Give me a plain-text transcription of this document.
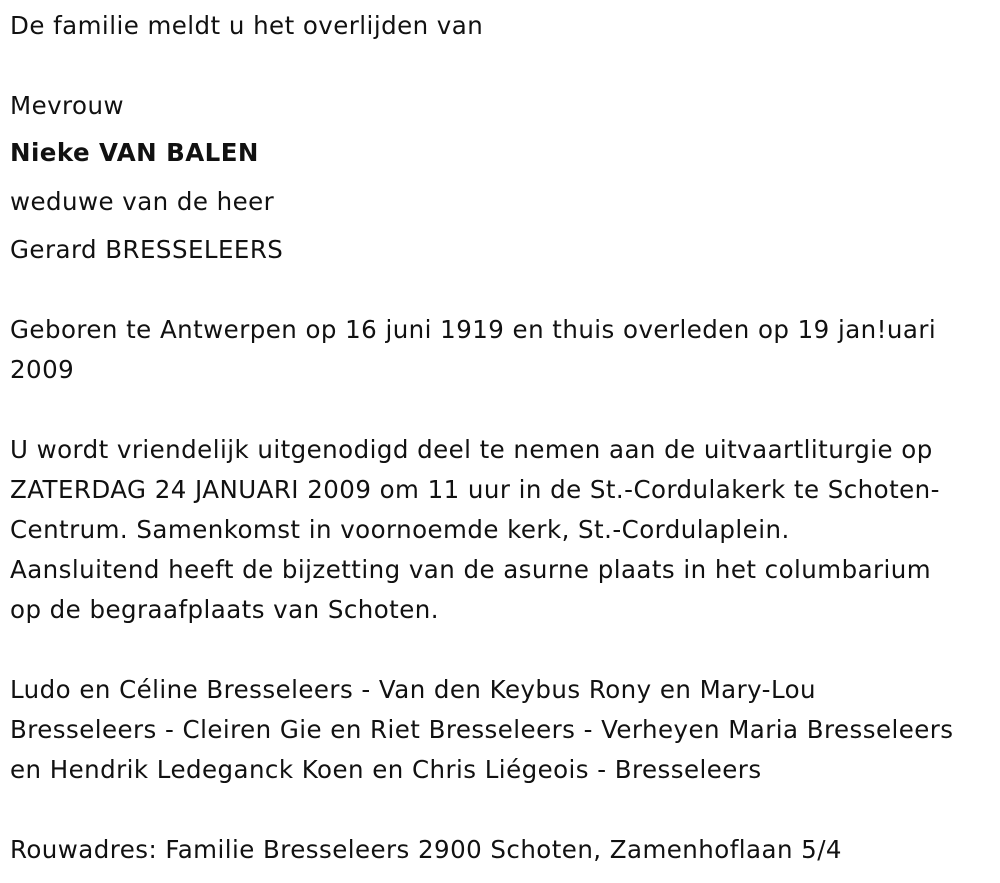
De familie meldt u het overlijden van
Mevrouw
Nieke VAN BALEN
weduwe van de heer
Gerard BRESSELEERS
Geboren te Antwerpen op 16 juni 1919 en thuis overleden op 19 jan!uari
2009
U wordt vriendelijk uitgenodigd deel te nemen aan de uitvaartliturgie op
ZATERDAG 24 JANUARI 2009 om 11 uur in de St.-Cordulakerk te Schoten-
Centrum. Samenkomst in voornoemde kerk, St.-Cordulaplein.
Aansluitend heeft de bijzetting van de asurne plaats in het columbarium
op de begraafplaats van Schoten.
Ludo en Céline Bresseleers - Van den Keybus Rony en Mary-Lou
Bresseleers - Cleiren Gie en Riet Bresseleers - Verheyen Maria Bresseleers
en Hendrik Ledeganck Koen en Chris Liégeois - Bresseleers
Rouwadres: Familie Bresseleers 2900 Schoten, Zamenhoflaan 5/4
